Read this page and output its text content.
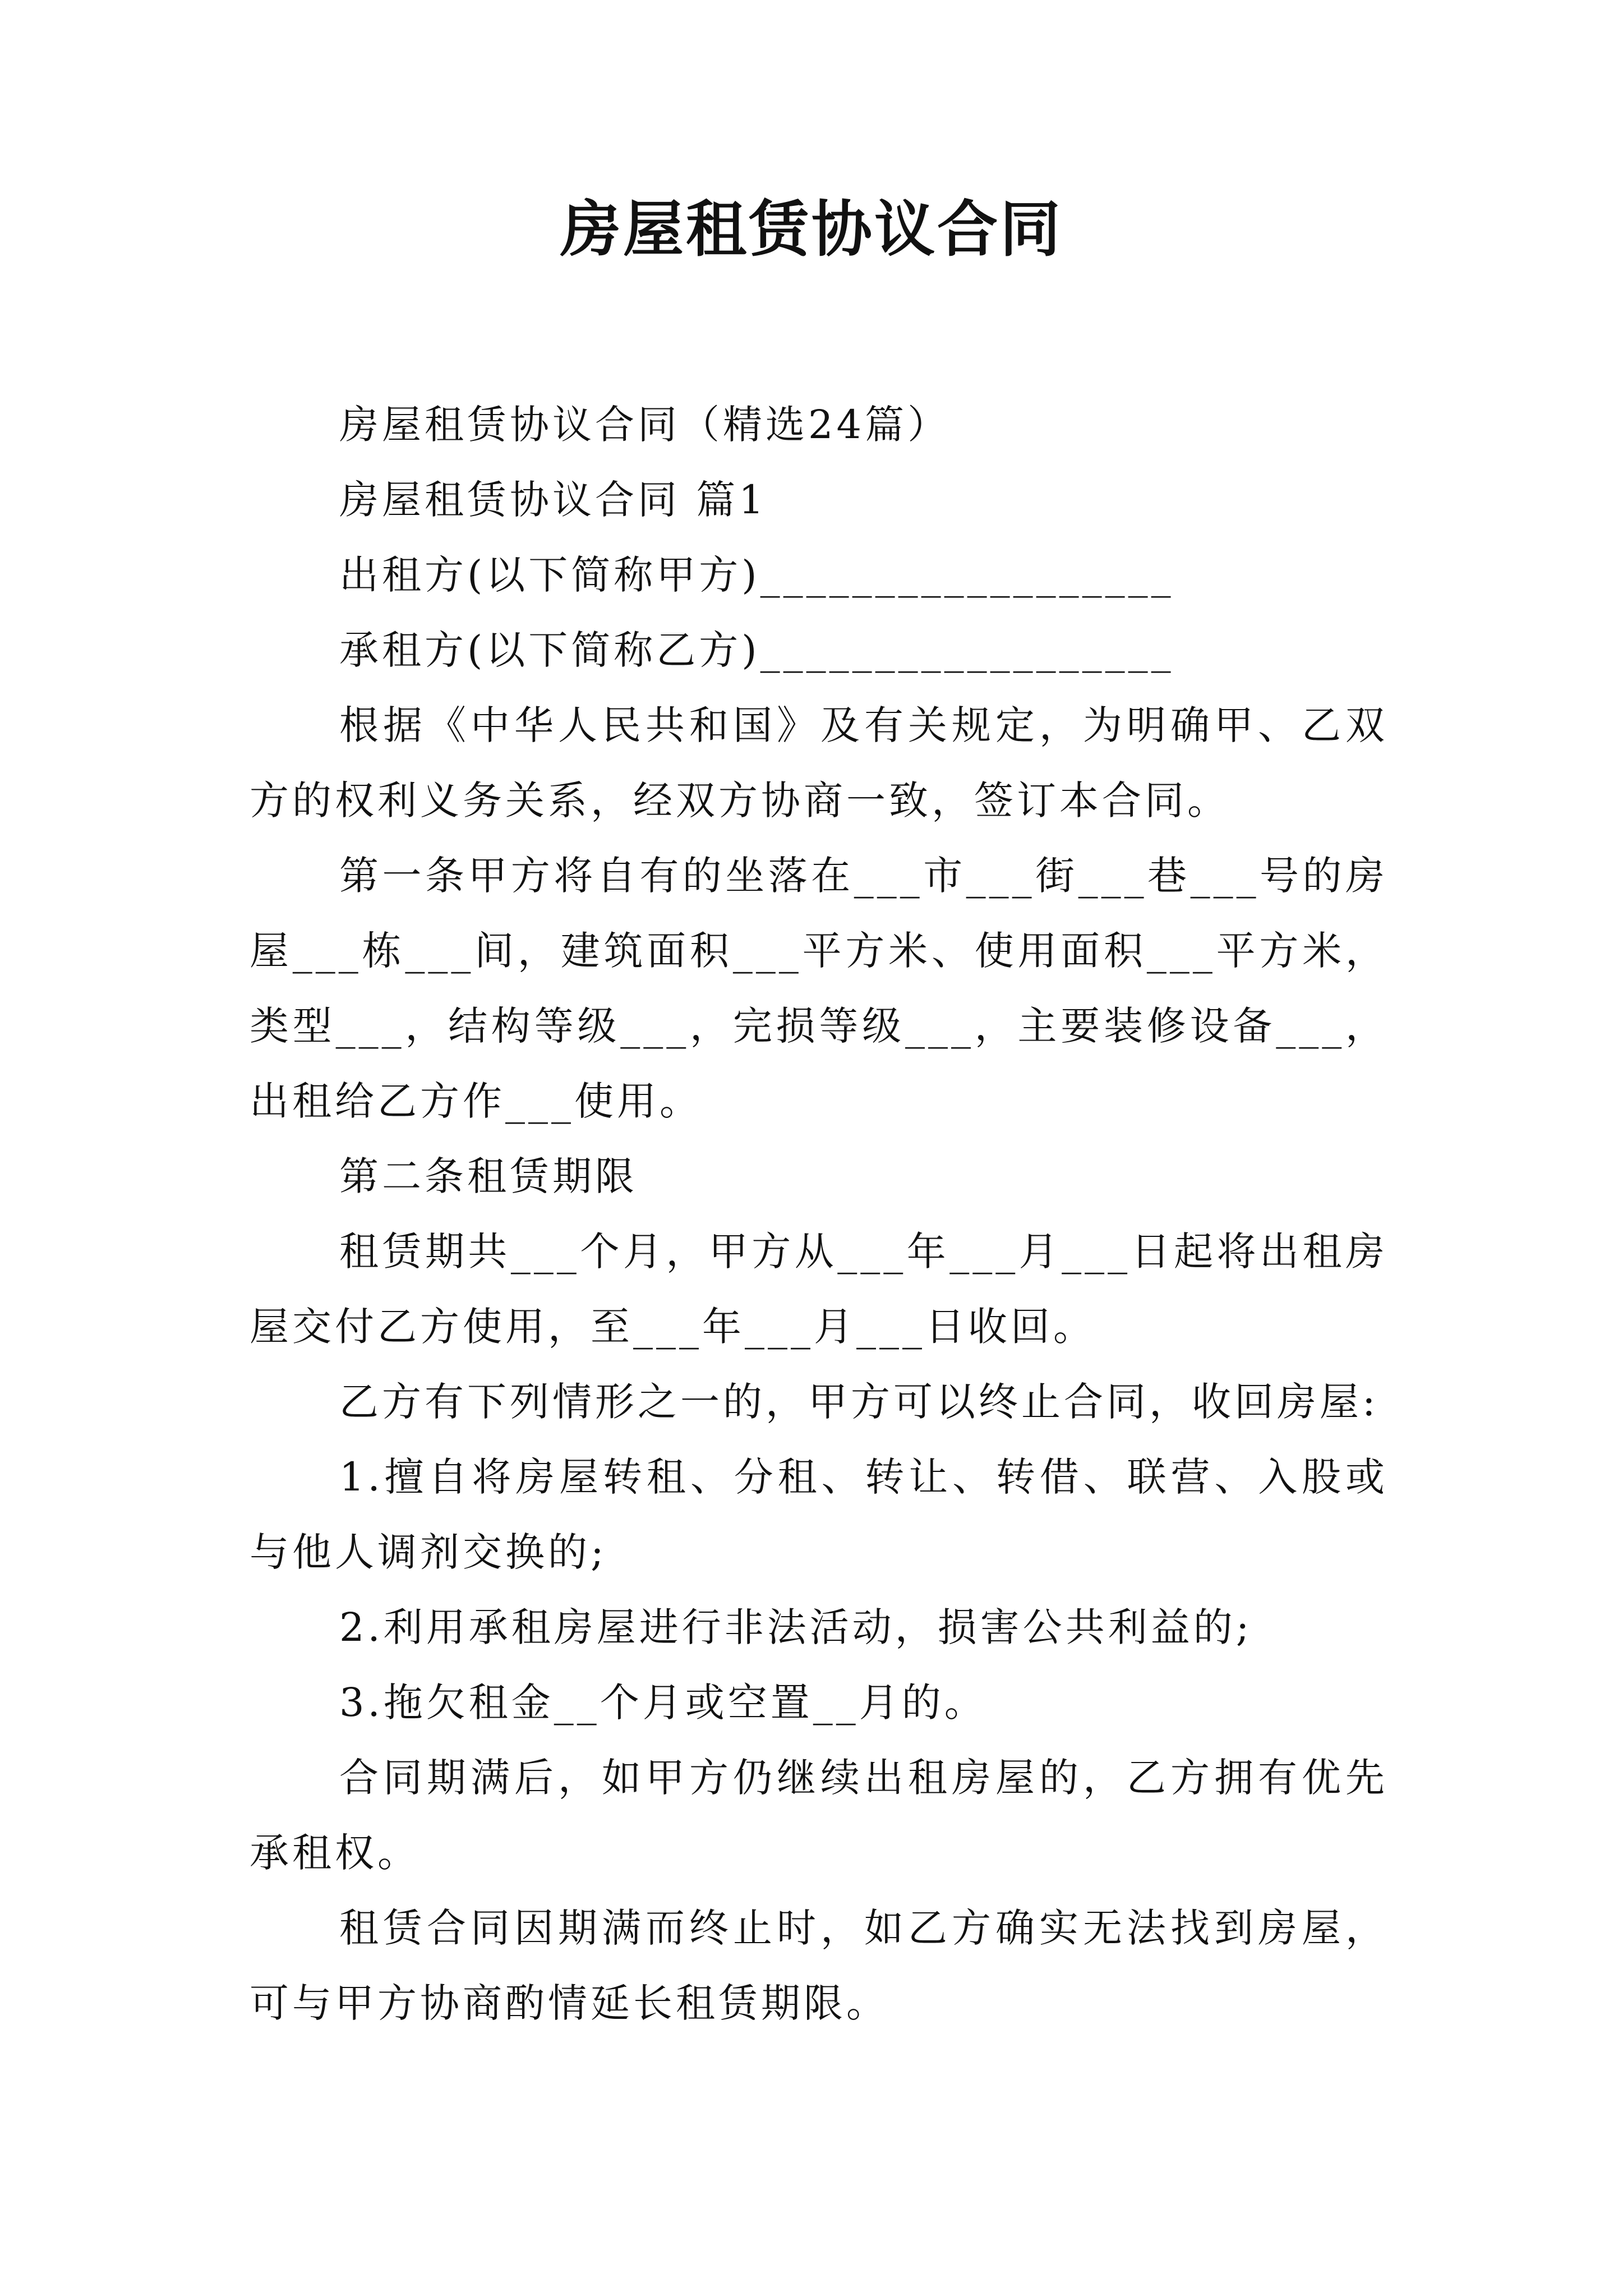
房屋租赁协议合同

房屋租赁协议合同（精选24篇）

房屋租赁协议合同 篇1

出租方(以下简称甲方)__________________

承租方(以下简称乙方)__________________

根据《中华人民共和国》及有关规定，为明确甲、乙双方的权利义务关系，经双方协商一致，签订本合同。

第一条甲方将自有的坐落在___市___街___巷___号的房屋___栋___间，建筑面积___平方米、使用面积___平方米，类型___，结构等级___，完损等级___，主要装修设备___，出租给乙方作___使用。

第二条租赁期限

租赁期共___个月，甲方从___年___月___日起将出租房屋交付乙方使用，至___年___月___日收回。

乙方有下列情形之一的，甲方可以终止合同，收回房屋:

1.擅自将房屋转租、分租、转让、转借、联营、入股或与他人调剂交换的;

2.利用承租房屋进行非法活动，损害公共利益的;

3.拖欠租金__个月或空置__月的。

合同期满后，如甲方仍继续出租房屋的，乙方拥有优先承租权。

租赁合同因期满而终止时，如乙方确实无法找到房屋，可与甲方协商酌情延长租赁期限。
